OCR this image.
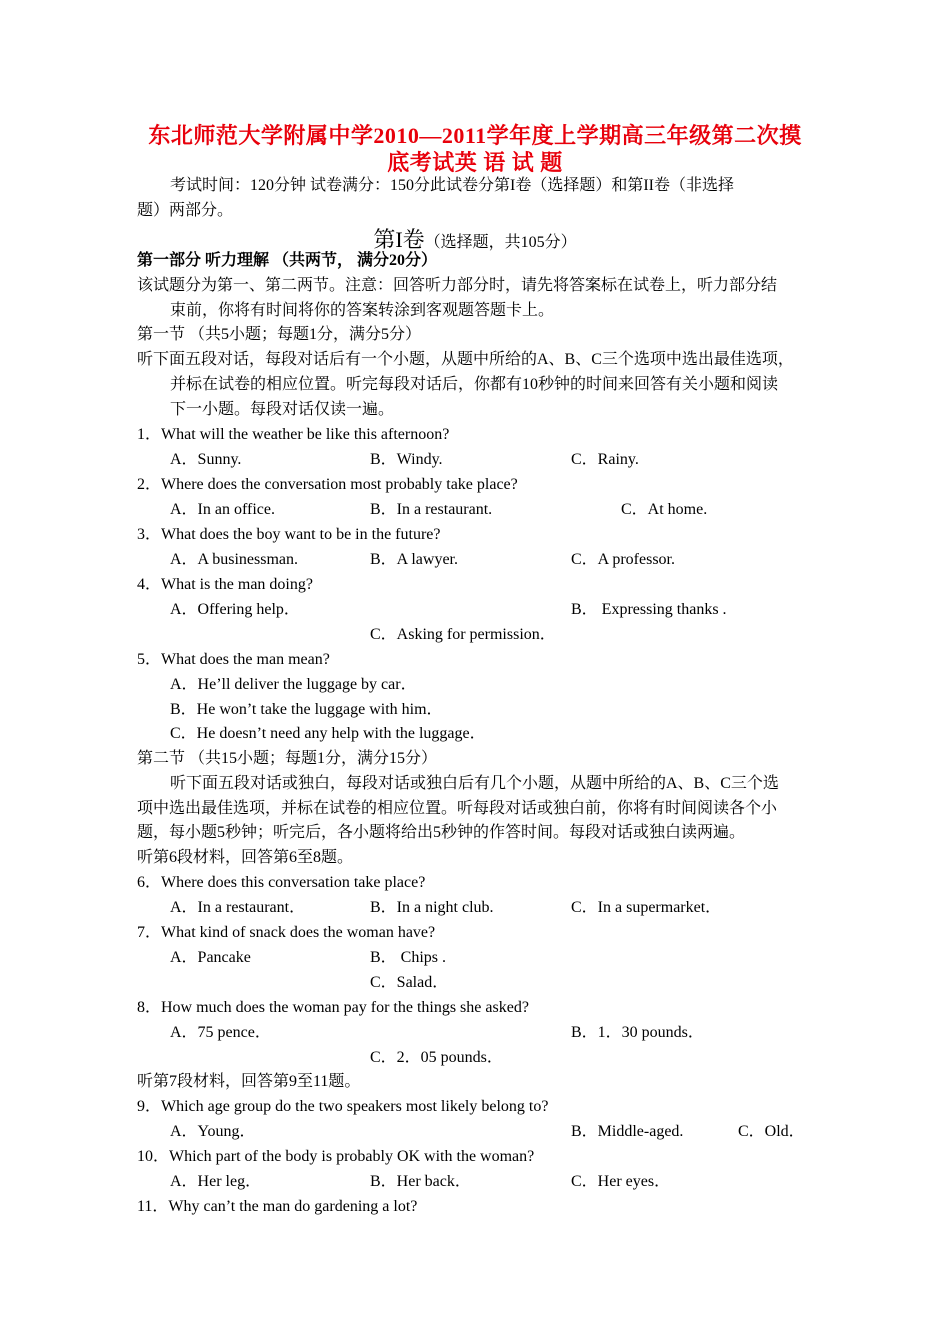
东北师范大学附属中学2010—2011学年度上学期高三年级第二次摸
底考试英 语 试 题
考试时间：120分钟 试卷满分：150分此试卷分第I卷（选择题）和第II卷（非选择
题）两部分。
第I卷（选择题，共105分）
第一部分 听力理解 （共两节， 满分20分）
该试题分为第一、第二两节。注意：回答听力部分时，请先将答案标在试卷上，听力部分结
束前，你将有时间将你的答案转涂到客观题答题卡上。
第一节 （共5小题；每题1分，满分5分）
听下面五段对话，每段对话后有一个小题，从题中所给的A、B、C三个选项中选出最佳选项，
并标在试卷的相应位置。听完每段对话后，你都有10秒钟的时间来回答有关小题和阅读
下一小题。每段对话仅读一遍。
1．What will the weather be like this afternoon?
A．Sunny.	B．Windy.	C．Rainy.
2．Where does the conversation most probably take place?
A．In an office.	B．In a restaurant.	C．At home.
3．What does the boy want to be in the future?
A．A businessman.	B．A lawyer.	C．A professor.
4．What is the man doing?
A．Offering help．	B． Expressing thanks .
C．Asking for permission．
5．What does the man mean?
A．He’ll deliver the luggage by car．
B．He won’t take the luggage with him．
C．He doesn’t need any help with the luggage．
第二节 （共15小题；每题1分，满分15分）
听下面五段对话或独白，每段对话或独白后有几个小题，从题中所给的A、B、C三个选
项中选出最佳选项，并标在试卷的相应位置。听每段对话或独白前，你将有时间阅读各个小
题，每小题5秒钟；听完后，各小题将给出5秒钟的作答时间。每段对话或独白读两遍。
听第6段材料，回答第6至8题。
6．Where does this conversation take place?
A．In a restaurant．	B．In a night club.	C．In a supermarket．
7．What kind of snack does the woman have?
A．Pancake	B． Chips .
C．Salad．
8．How much does the woman pay for the things she asked?
A．75 pence．	B．1．30 pounds．
C．2．05 pounds．
听第7段材料，回答第9至11题。
9．Which age group do the two speakers most likely belong to?
A．Young．	B．Middle-aged.	C．Old．
10．Which part of the body is probably OK with the woman?
A．Her leg．	B．Her back．	C．Her eyes．
11．Why can’t the man do gardening a lot?
